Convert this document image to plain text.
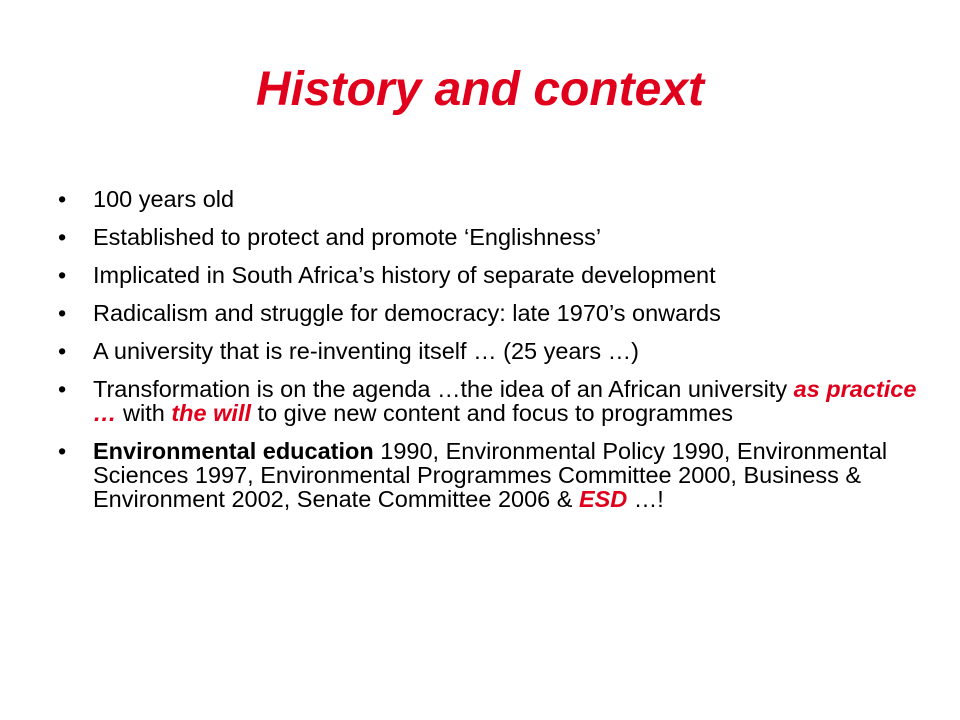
History and context
•	100 years old
•	Established to protect and promote ‘Englishness’
•	Implicated in South Africa’s history of separate development
•	Radicalism and struggle for democracy: late 1970’s onwards
•	A university that is re-inventing itself … (25 years …)
•	Transformation is on the agenda …the idea of an African university as practice … with the will to give new content and focus to programmes
•	Environmental education 1990, Environmental Policy 1990, Environmental Sciences 1997, Environmental Programmes Committee 2000, Business & Environment 2002, Senate Committee 2006 & ESD …!
